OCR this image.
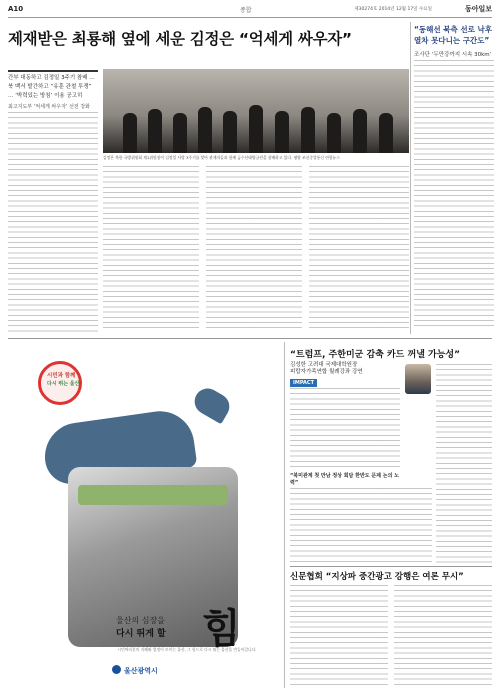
A10	종합	제30274호 2014년 12월 17일 수요일	동아일보
제재받은 최룡해 옆에 세운 김정은 “억세게 싸우자”
“동해선 북측 선로 낙후 열차 못다니는 구간도”
조사단 ‘두만강까지 시속 30km’

간부 대동하고 김정일 3주기 참배 … 북 백서 발간하고 “유훈 관철 투쟁” … ‘박력있는 방침’ 이용 공고히

최고지도부 ‘억세게 싸우자’ 선전 강화

김정은 북한 국방위원회 제1위원장이 김정일 사망 3주기를 맞아 관계자들과 함께 금수산태양궁전을 참배하고 있다. 평양 조선중앙통신 연합뉴스
시민과 함께
다시 뛰는 울산
울산의 심장을
다시 뛰게 할 힘
시민여러분의 지혜와 열정이 모이는 울산, 그 힘으로 다시 뛰는 울산을 만들어갑니다.
울산광역시
“트럼프, 주한미군 감축 카드 꺼낼 가능성”
김성한 고려대 국제대학원장
피랍자가족연합 월례강좌 강연
IMPACT
“북미관계 첫 만남 정상 회담 한반도 문제 논의 노력”
신문협회 “지상파 중간광고 강행은 여론 무시”
